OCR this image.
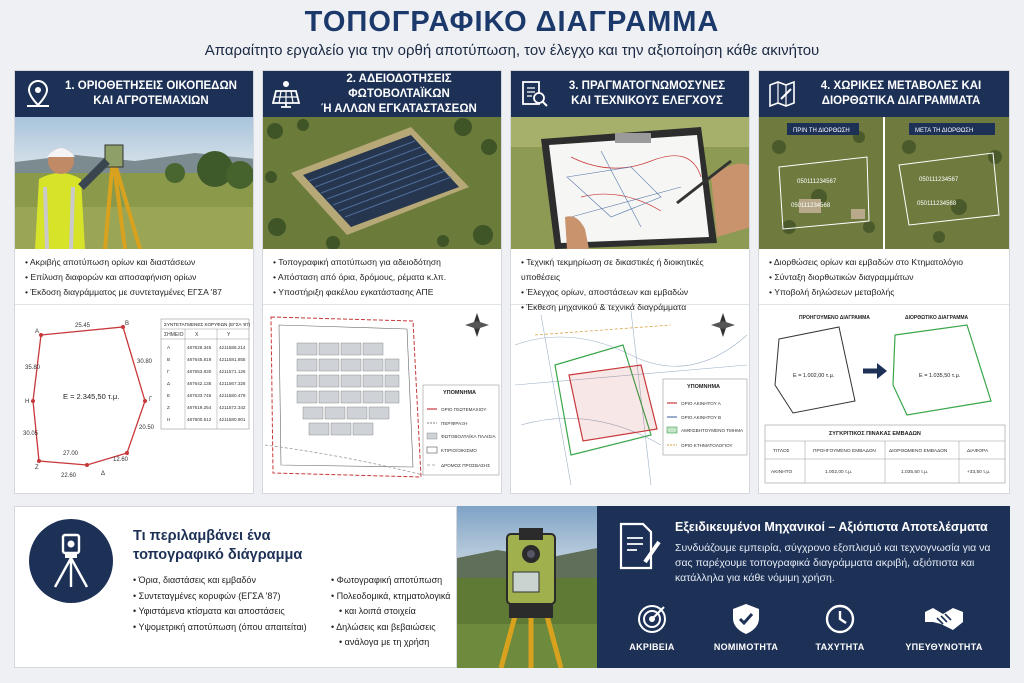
ΤΟΠΟΓΡΑΦΙΚΟ ΔΙΑΓΡΑΜΜΑ
Απαραίτητο εργαλείο για την ορθή αποτύπωση, τον έλεγχο και την αξιοποίηση κάθε ακινήτου
1. ΟΡΙΟΘΕΤΗΣΕΙΣ ΟΙΚΟΠΕΔΩΝ
ΚΑΙ ΑΓΡΟΤΕΜΑΧΙΩΝ
• Ακριβής αποτύπωση ορίων και διαστάσεων
• Επίλυση διαφορών και αποσαφήνιση ορίων
• Έκδοση διαγράμματος με συντεταγμένες ΕΓΣΑ '87
A
B
Γ
Δ
Ζ
Η
25.45
30.80
20.50
12.60
22.60
27.00
30.05
35.80
Ε = 2.345,50 τ.μ.
ΣΥΝΤΕΤΑΓΜΕΝΕΣ ΚΟΡΥΦΩΝ (ΕΓΣΑ '87)
ΣΗΜΕΙΟ X	Y
A	487629.345 4211585.214
B	487645.819 4211581.855
Γ	487653.830 4211571.126
Δ	487642.135 4211567.326
Ε	487633.746 4211580.479
Ζ	487619.254 4211572.342
Η	487600.512 4211580.901
2. ΑΔΕΙΟΔΟΤΗΣΕΙΣ ΦΩΤΟΒΟΛΤΑΪΚΩΝ
Ή ΑΛΛΩΝ ΕΓΚΑΤΑΣΤΑΣΕΩΝ
• Τοπογραφική αποτύπωση για αδειοδότηση
• Απόσταση από όρια, δρόμους, ρέματα κ.λπ.
• Υποστήριξη φακέλου εγκατάστασης ΑΠΕ
ΥΠΟΜΝΗΜΑ
ΟΡΙΟ ΓΕΩΤΕΜΑΧΙΟΥ
ΠΕΡΙΦΡΑΞΗ
ΦΩΤΟΒΟΛΤΑΪΚΑ ΠΛΑΙΣΙΑ
ΚΤΙΡΙΟ/ΟΙΚΙΣΜΟ
ΔΡΟΜΟΣ ΠΡΟΣΒΑΣΗΣ
3. ΠΡΑΓΜΑΤΟΓΝΩΜΟΣΥΝΕΣ
ΚΑΙ ΤΕΧΝΙΚΟΥΣ ΕΛΕΓΧΟΥΣ
• Τεχνική τεκμηρίωση σε δικαστικές ή διοικητικές υποθέσεις
• Έλεγχος ορίων, αποστάσεων και εμβαδών
• Έκθεση μηχανικού & τεχνικά διαγράμματα
ΥΠΟΜΝΗΜΑ
ΟΡΙΟ ΑΚΙΝΗΤΟΥ Α
ΟΡΙΟ ΑΚΙΝΗΤΟΥ Β
ΑΜΦΙΣΒΗΤΟΥΜΕΝΟ ΤΜΗΜΑ
ΟΡΙΟ ΚΤΗΜΑΤΟΛΟΓΙΟΥ
4. ΧΩΡΙΚΕΣ ΜΕΤΑΒΟΛΕΣ ΚΑΙ
ΔΙΟΡΘΩΤΙΚΑ ΔΙΑΓΡΑΜΜΑΤΑ
ΠΡΙΝ ΤΗ ΔΙΟΡΘΩΣΗ	ΜΕΤΑ ΤΗ ΔΙΟΡΘΩΣΗ
050111234567
050111234568
050111234567
050111234568
• Διορθώσεις ορίων και εμβαδών στο Κτηματολόγιο
• Σύνταξη διορθωτικών διαγραμμάτων
• Υποβολή δηλώσεων μεταβολής
ΠΡΟΗΓΟΥΜΕΝΟ ΔΙΑΓΡΑΜΜΑ	ΔΙΟΡΘΩΤΙΚΟ ΔΙΑΓΡΑΜΜΑ
Ε = 1.002,00 τ.μ.	Ε = 1.035,50 τ.μ.
ΣΥΓΚΡΙΤΙΚΟΣ ΠΙΝΑΚΑΣ ΕΜΒΑΔΩΝ
ΤΙΤΛΟΣ	ΠΡΟΗΓΟΥΜΕΝΟ ΕΜΒΑΔΟΝ	ΔΙΟΡΘΩΜΕΝΟ ΕΜΒΑΔΟΝ	ΔΙΑΦΟΡΑ
ΑΚΙΝΗΤΟ	1.002,00 τ.μ.	1.035,50 τ.μ.	+33,50 τ.μ.
Τι περιλαμβάνει ένα
τοπογραφικό διάγραμμα
• Όρια, διαστάσεις και εμβαδόν
• Συντεταγμένες κορυφών (ΕΓΣΑ '87)
• Υφιστάμενα κτίσματα και αποστάσεις
• Υψομετρική αποτύπωση (όπου απαιτείται)
• Φωτογραφική αποτύπωση
• Πολεοδομικά, κτηματολογικά
• και λοιπά στοιχεία
• Δηλώσεις και βεβαιώσεις
• ανάλογα με τη χρήση
Εξειδικευμένοι Μηχανικοί – Αξιόπιστα Αποτελέσματα
Συνδυάζουμε εμπειρία, σύγχρονο εξοπλισμό και τεχνογνωσία για να σας παρέχουμε τοπογραφικά διαγράμματα ακριβή, αξιόπιστα και κατάλληλα για κάθε νόμιμη χρήση.
ΑΚΡΙΒΕΙΑ	ΝΟΜΙΜΟΤΗΤΑ	ΤΑΧΥΤΗΤΑ	ΥΠΕΥΘΥΝΟΤΗΤΑ
